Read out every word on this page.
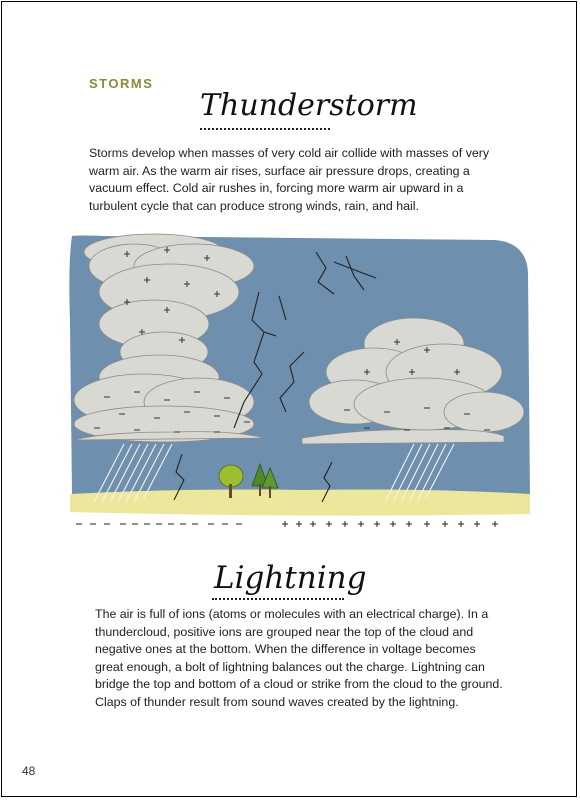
STORMS
Thunderstorm

Storms develop when masses of very cold air collide with masses of very warm air. As the warm air rises, surface air pressure drops, creating a vacuum effect. Cold air rushes in, forcing more warm air upward in a turbulent cycle that can produce strong winds, rain, and hail.

Lightning

The air is full of ions (atoms or molecules with an electrical charge). In a thundercloud, positive ions are grouped near the top of the cloud and negative ones at the bottom. When the difference in voltage becomes great enough, a bolt of lightning balances out the charge. Lightning can bridge the top and bottom of a cloud or strike from the cloud to the ground. Claps of thunder result from sound waves created by the lightning.

48
